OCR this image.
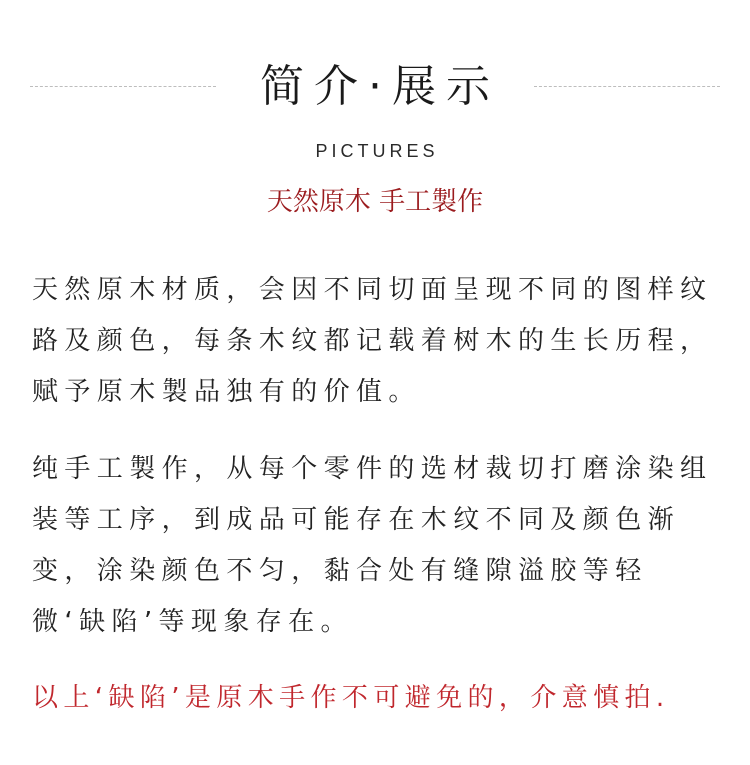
简介·展示
PICTURES
天然原木 手工製作

天然原木材质，会因不同切面呈现不同的图样纹路及颜色，每条木纹都记载着树木的生长历程，赋予原木製品独有的价值。

纯手工製作，从每个零件的选材裁切打磨涂染组装等工序，到成品可能存在木纹不同及颜色渐变，涂染颜色不匀，黏合处有缝隙溢胶等轻微‘缺陷’等现象存在。

以上‘缺陷’是原木手作不可避免的，介意慎拍.
